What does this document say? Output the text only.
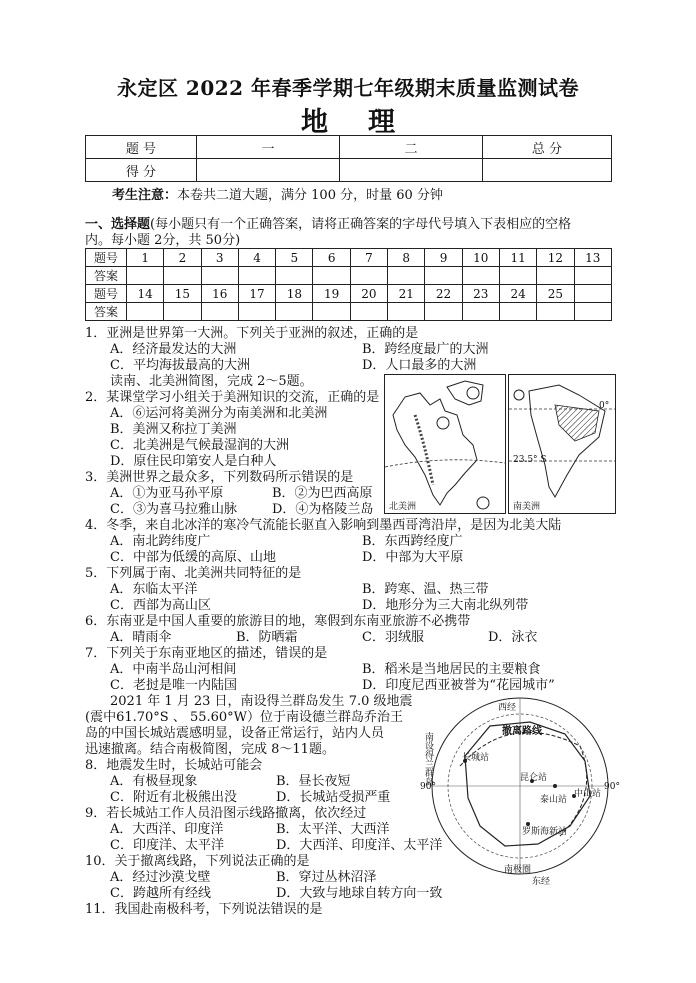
永定区 2022 年春季学期七年级期末质量监测试卷
地理
题 号	一	二	总 分
得 分			
考生注意：本卷共二道大题，满分 100 分，时量 60 分钟
一、选择题(每小题只有一个正确答案，请将正确答案的字母代号填入下表相应的空格
内。每小题 2分，共 50分)
题号	1	2	3	4	5	6	7	8	9	10	11	12	13
答案													
题号	14	15	16	17	18	19	20	21	22	23	24	25	
答案													
1．亚洲是世界第一大洲。下列关于亚洲的叙述，正确的是
A．经济最发达的大洲	B．跨经度最广的大洲
C．平均海拔最高的大洲	D．人口最多的大洲
读南、北美洲简图，完成 2～5题。
2．某课堂学习小组关于美洲知识的交流，正确的是
A．⑥运河将美洲分为南美洲和北美洲
B．美洲又称拉丁美洲
C．北美洲是气候最湿润的大洲
D．原住民印第安人是白种人
3．美洲世界之最众多，下列数码所示错误的是
A．①为亚马孙平原	B．②为巴西高原
C．③为喜马拉雅山脉	D．④为格陵兰岛
4．冬季，来自北冰洋的寒冷气流能长驱直入影响到墨西哥湾沿岸，是因为北美大陆
A．南北跨纬度广	B．东西跨经度广
C．中部为低缓的高原、山地	D．中部为大平原
5．下列属于南、北美洲共同特征的是
A．东临太平洋	B．跨寒、温、热三带
C．西部为高山区	D．地形分为三大南北纵列带
6．东南亚是中国人重要的旅游目的地，寒假到东南亚旅游不必携带
A．晴雨伞	B．防晒霜	C．羽绒服	D．泳衣
7．下列关于东南亚地区的描述，错误的是
A．中南半岛山河相间	B．稻米是当地居民的主要粮食
C．老挝是唯一内陆国	D．印度尼西亚被誉为“花园城市”
2021 年 1 月 23 日，南设得兰群岛发生 7.0 级地震
(震中61.70°S 、 55.60°W）位于南设德兰群岛乔治王
岛的中国长城站震感明显，设备正常运行，站内人员
迅速撤离。结合南极简图，完成 8～11题。
8．地震发生时，长城站可能会
A．有极昼现象	B．昼长夜短
C．附近有北极熊出没	D．长城站受损严重
9．若长城站工作人员沿图示线路撤离，依次经过
A．大西洋、印度洋	B．太平洋、大西洋
C．印度洋、太平洋	D．大西洋、印度洋、太平洋
10．关于撤离线路，下列说法正确的是
A．经过沙漠戈壁	B．穿过丛林沼泽
C．跨越所有经线	D．大致与地球自转方向一致
11．我国赴南极科考，下列说法错误的是
北美洲
0°
23.5° S
南美洲
西经
撤离路线
长城站
昆仑站
中山站
泰山站
罗斯海新站
南设得兰群岛
90°	90°
南极圈
东经
